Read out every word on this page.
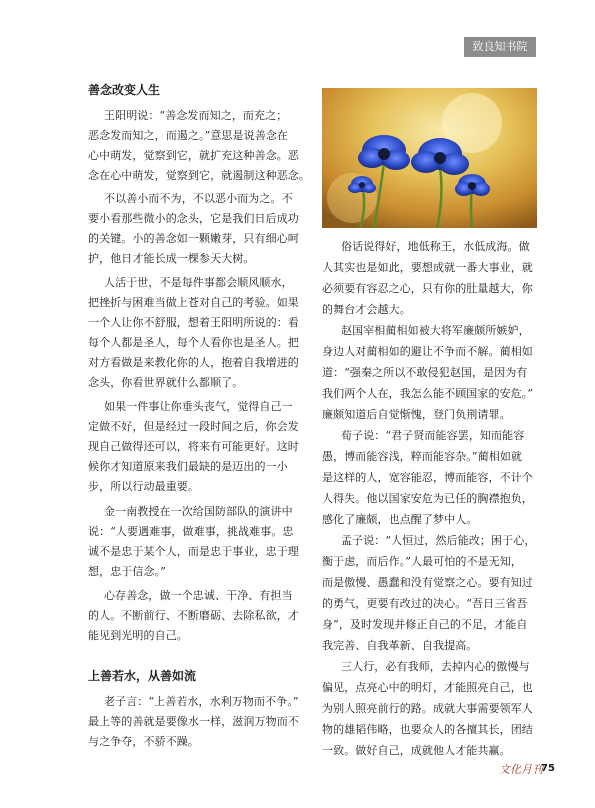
致良知书院
善念改变人生
王阳明说：“善念发而知之，而充之；
恶念发而知之，而遏之。”意思是说善念在
心中萌发，觉察到它，就扩充这种善念。恶
念在心中萌发，觉察到它，就遏制这种恶念。
不以善小而不为，不以恶小而为之。不
要小看那些微小的念头，它是我们日后成功
的关键。小的善念如一颗嫩芽，只有细心呵
护，他日才能长成一棵参天大树。
人活于世，不是每件事都会顺风顺水，
把挫折与困难当做上苍对自己的考验。如果
一个人让你不舒服，想着王阳明所说的：看
每个人都是圣人，每个人看你也是圣人。把
对方看做是来教化你的人，抱着自我增进的
念头，你看世界就什么都顺了。
如果一件事让你垂头丧气，觉得自己一
定做不好，但是经过一段时间之后，你会发
现自己做得还可以，将来有可能更好。这时
候你才知道原来我们最缺的是迈出的一小
步，所以行动最重要。
金一南教授在一次给国防部队的演讲中
说：“人要遇难事，做难事，挑战难事。忠
诚不是忠于某个人，而是忠于事业，忠于理
想，忠于信念。”
心存善念，做一个忠诚、干净、有担当
的人。不断前行、不断磨砺、去除私欲，才
能见到光明的自己。
上善若水，从善如流
老子言：“上善若水，水利万物而不争。”
最上等的善就是要像水一样，滋润万物而不
与之争夺，不骄不躁。
俗话说得好，地低称王，水低成海。做
人其实也是如此，要想成就一番大事业，就
必须要有容忍之心，只有你的肚量越大，你
的舞台才会越大。
赵国宰相蔺相如被大将军廉颇所嫉妒，
身边人对蔺相如的避让不争而不解。蔺相如
道：“强秦之所以不敢侵犯赵国，是因为有
我们两个人在，我怎么能不顾国家的安危。”
廉颇知道后自觉惭愧，登门负荆请罪。
荀子说：“君子贤而能容罢，知而能容
愚，博而能容浅，粹而能容杂。”蔺相如就
是这样的人，宽容能忍，博而能容，不计个
人得失。他以国家安危为已任的胸襟抱负，
感化了廉颇，也点醒了梦中人。
孟子说：“人恒过，然后能改；困于心，
衡于虑，而后作。”人最可怕的不是无知，
而是傲慢、愚蠢和没有觉察之心。要有知过
的勇气，更要有改过的决心。“吾日三省吾
身”，及时发现并修正自己的不足，才能自
我完善、自我革新、自我提高。
三人行，必有我师，去掉内心的傲慢与
偏见，点亮心中的明灯，才能照亮自己，也
为别人照亮前行的路。成就大事需要领军人
物的雄韬伟略，也要众人的各擅其长，团结
一致。做好自己，成就他人才能共赢。
文化月刊
75
